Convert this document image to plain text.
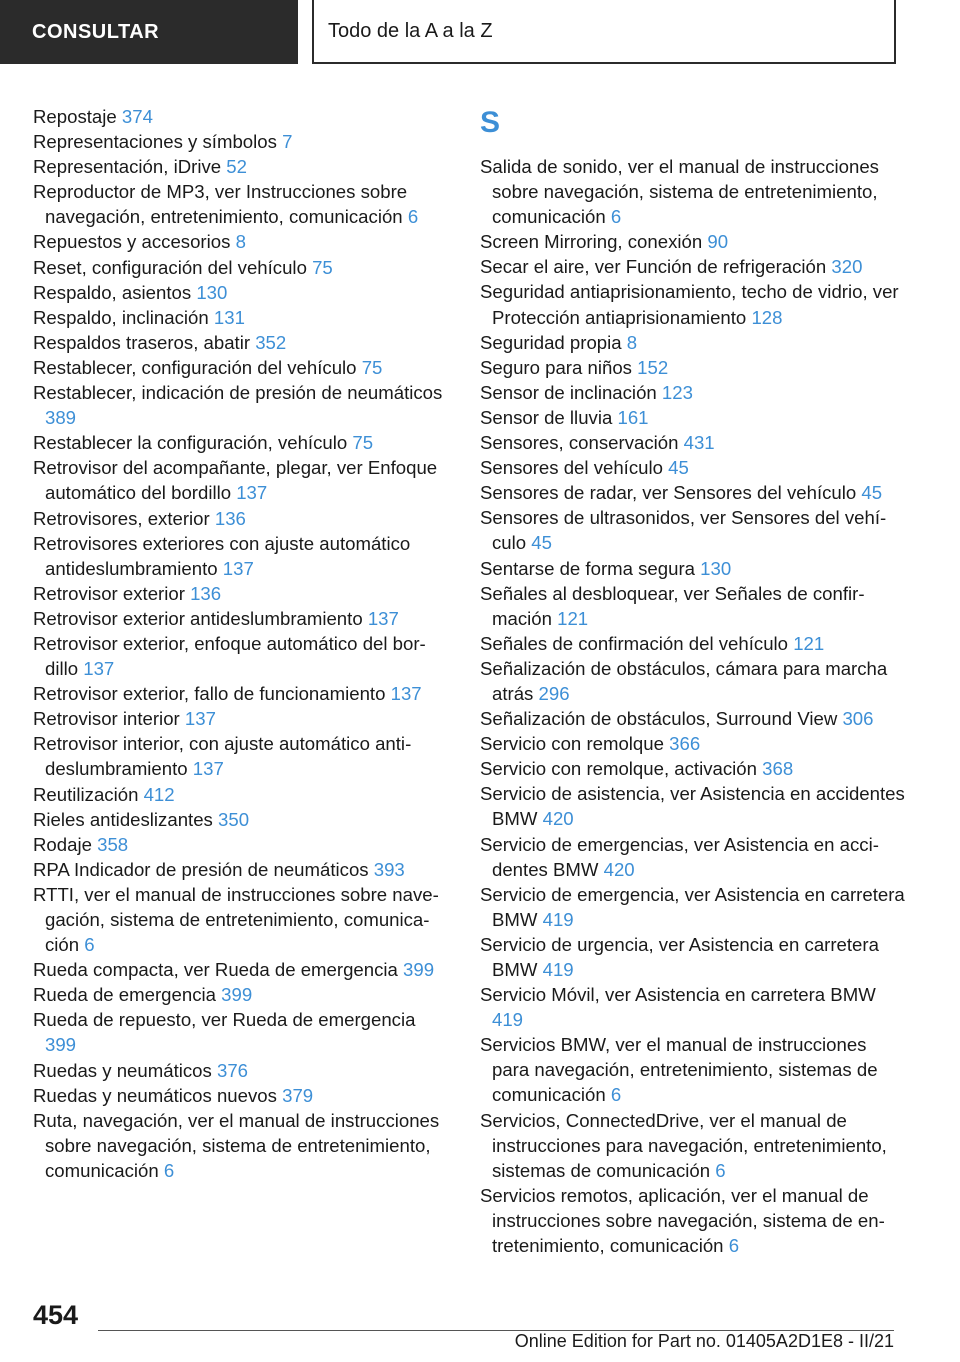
CONSULTAR	Todo de la A a la Z
Repostaje 374
Representaciones y símbolos 7
Representación, iDrive 52
Reproductor de MP3, ver Instrucciones sobre navegación, entretenimiento, comunicación 6
Repuestos y accesorios 8
Reset, configuración del vehículo 75
Respaldo, asientos 130
Respaldo, inclinación 131
Respaldos traseros, abatir 352
Restablecer, configuración del vehículo 75
Restablecer, indicación de presión de neumáticos 389
Restablecer la configuración, vehículo 75
Retrovisor del acompañante, plegar, ver Enfoque automático del bordillo 137
Retrovisores, exterior 136
Retrovisores exteriores con ajuste automático antideslumbramiento 137
Retrovisor exterior 136
Retrovisor exterior antideslumbramiento 137
Retrovisor exterior, enfoque automático del bordillo 137
Retrovisor exterior, fallo de funcionamiento 137
Retrovisor interior 137
Retrovisor interior, con ajuste automático antideslumbramiento 137
Reutilización 412
Rieles antideslizantes 350
Rodaje 358
RPA Indicador de presión de neumáticos 393
RTTI, ver el manual de instrucciones sobre navegación, sistema de entretenimiento, comunicación 6
Rueda compacta, ver Rueda de emergencia 399
Rueda de emergencia 399
Rueda de repuesto, ver Rueda de emergencia 399
Ruedas y neumáticos 376
Ruedas y neumáticos nuevos 379
Ruta, navegación, ver el manual de instrucciones sobre navegación, sistema de entretenimiento, comunicación 6
S
Salida de sonido, ver el manual de instrucciones sobre navegación, sistema de entretenimiento, comunicación 6
Screen Mirroring, conexión 90
Secar el aire, ver Función de refrigeración 320
Seguridad antiaprisionamiento, techo de vidrio, ver Protección antiaprisionamiento 128
Seguridad propia 8
Seguro para niños 152
Sensor de inclinación 123
Sensor de lluvia 161
Sensores, conservación 431
Sensores del vehículo 45
Sensores de radar, ver Sensores del vehículo 45
Sensores de ultrasonidos, ver Sensores del vehículo 45
Sentarse de forma segura 130
Señales al desbloquear, ver Señales de confirmación 121
Señales de confirmación del vehículo 121
Señalización de obstáculos, cámara para marcha atrás 296
Señalización de obstáculos, Surround View 306
Servicio con remolque 366
Servicio con remolque, activación 368
Servicio de asistencia, ver Asistencia en accidentes BMW 420
Servicio de emergencias, ver Asistencia en accidentes BMW 420
Servicio de emergencia, ver Asistencia en carretera BMW 419
Servicio de urgencia, ver Asistencia en carretera BMW 419
Servicio Móvil, ver Asistencia en carretera BMW 419
Servicios BMW, ver el manual de instrucciones para navegación, entretenimiento, sistemas de comunicación 6
Servicios, ConnectedDrive, ver el manual de instrucciones para navegación, entretenimiento, sistemas de comunicación 6
Servicios remotos, aplicación, ver el manual de instrucciones sobre navegación, sistema de entretenimiento, comunicación 6
454
Online Edition for Part no. 01405A2D1E8 - II/21
